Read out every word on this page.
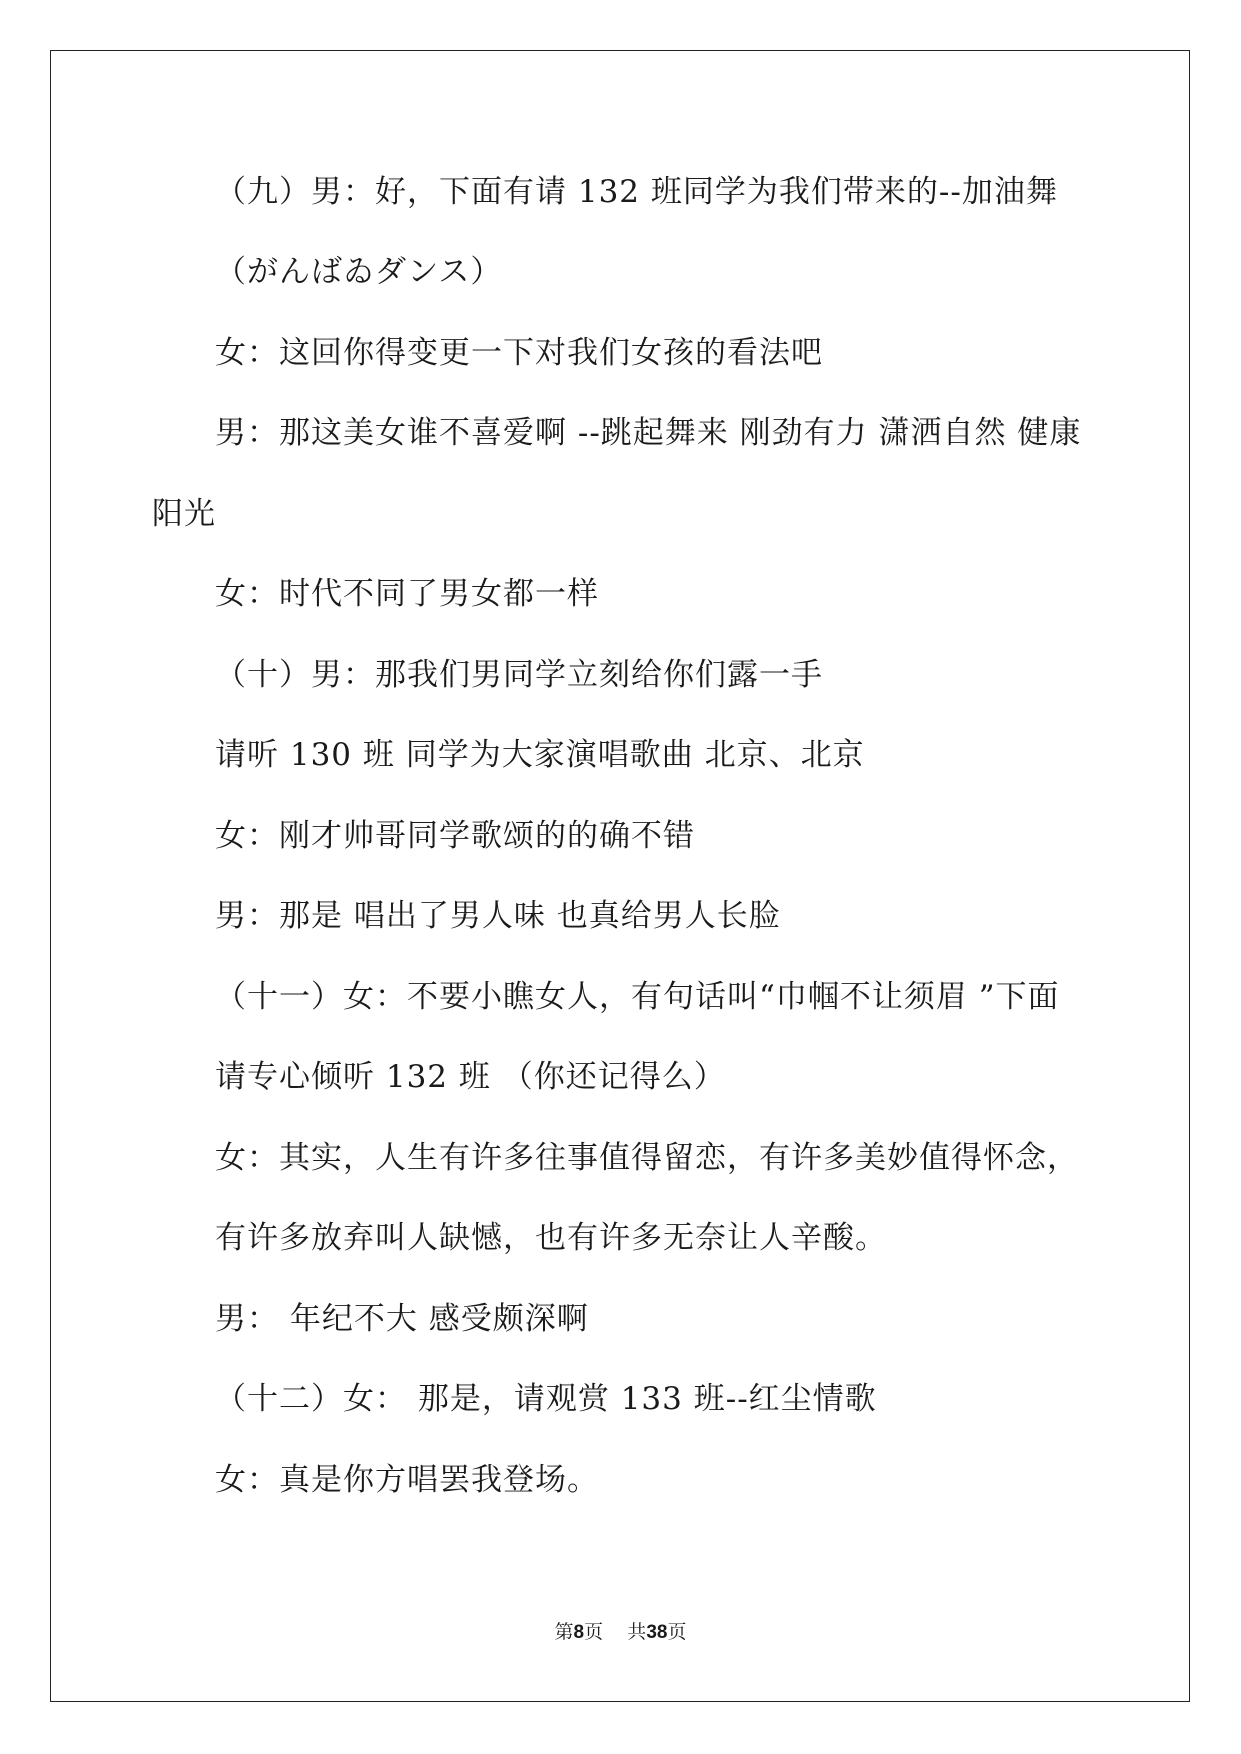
（九）男：好，下面有请 132 班同学为我们带来的--加油舞
（がんばゐダンス）
女：这回你得变更一下对我们女孩的看法吧
男：那这美女谁不喜爱啊 --跳起舞来 刚劲有力 潇洒自然 健康
阳光
女：时代不同了男女都一样
（十）男：那我们男同学立刻给你们露一手
请听 130 班 同学为大家演唱歌曲 北京、北京
女：刚才帅哥同学歌颂的的确不错
男：那是 唱出了男人味 也真给男人长脸
（十一）女：不要小瞧女人，有句话叫“巾帼不让须眉 ”下面
请专心倾听 132 班 （你还记得么）
女：其实，人生有许多往事值得留恋，有许多美妙值得怀念，
有许多放弃叫人缺憾，也有许多无奈让人辛酸。
男： 年纪不大 感受颇深啊
（十二）女： 那是，请观赏 133 班--红尘情歌
女：真是你方唱罢我登场。
第8页 共38页
